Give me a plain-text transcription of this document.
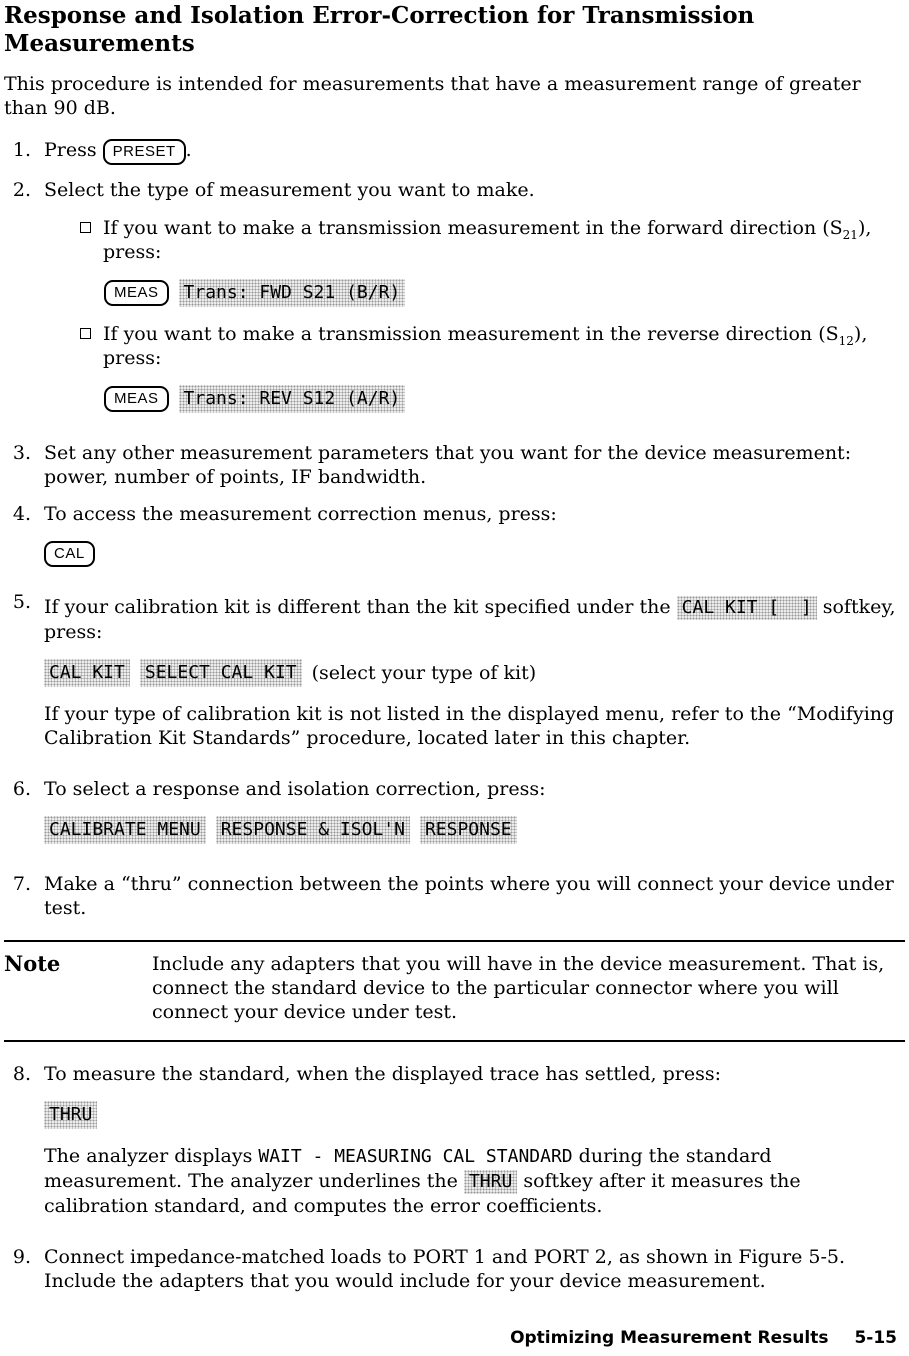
Response and Isolation Error-Correction for Transmission Measurements

This procedure is intended for measurements that have a measurement range of greater than 90 dB.

1. Press PRESET .
2. Select the type of measurement you want to make.
If you want to make a transmission measurement in the forward direction $(S_{21})$, press:
MEAS	Trans: FWD S21 (B/R)
If you want to make a transmission measurement in the reverse direction $(S_{12})$, press:
MEAS	Trans: REV S12 (A/R)
3. Set any other measurement parameters that you want for the device measurement: power, number of points, IF bandwidth.
4. To access the measurement correction menus, press:
CAL
5. If your calibration kit is different than the kit specified under the CAL KIT [  ] softkey, press:
CAL KIT SELECT CAL KIT (select your type of kit)
If your type of calibration kit is not listed in the displayed menu, refer to the “Modifying Calibration Kit Standards” procedure, located later in this chapter.
6. To select a response and isolation correction, press:
CALIBRATE MENU RESPONSE & ISOL'N RESPONSE
7. Make a “thru” connection between the points where you will connect your device under test.
Note	Include any adapters that you will have in the device measurement. That is, connect the standard device to the particular connector where you will connect your device under test.
8. To measure the standard, when the displayed trace has settled, press:
THRU
The analyzer displays WAIT - MEASURING CAL STANDARD during the standard measurement. The analyzer underlines the THRU softkey after it measures the calibration standard, and computes the error coefficients.
9. Connect impedance-matched loads to PORT 1 and PORT 2, as shown in Figure 5-5. Include the adapters that you would include for your device measurement.
Optimizing Measurement Results 5-15
